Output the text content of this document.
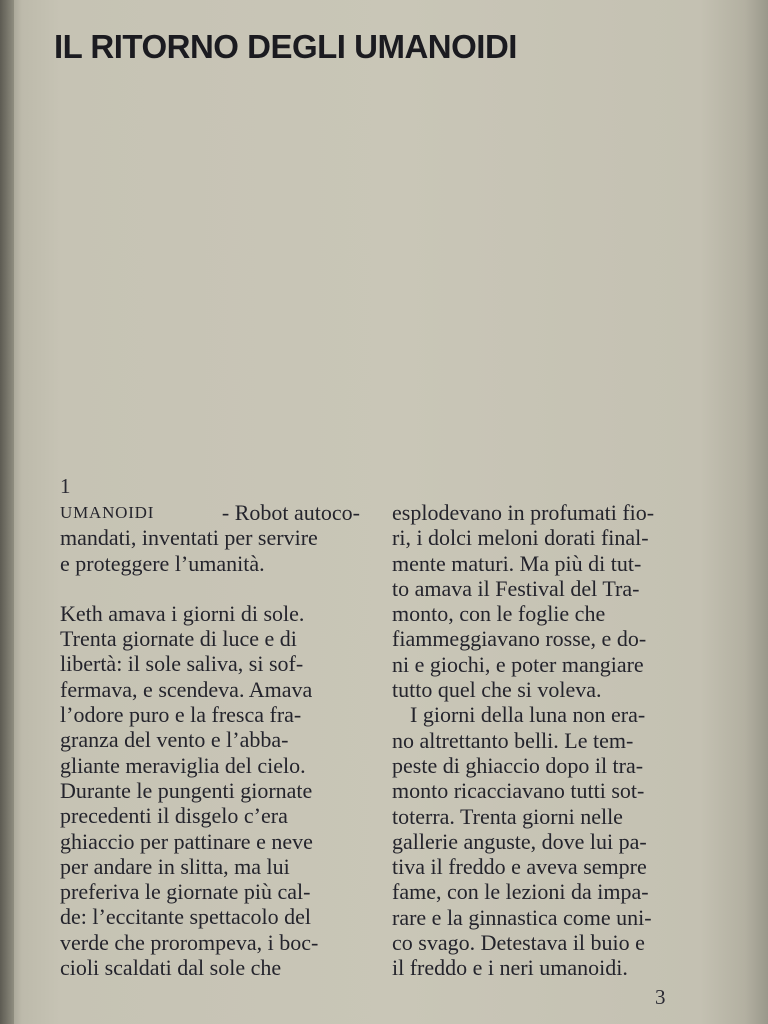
IL RITORNO DEGLI UMANOIDI
1
UMANOIDI	- Robot autoco-
mandati, inventati per servire
e proteggere l’umanità.
Keth amava i giorni di sole.
Trenta giornate di luce e di
libertà: il sole saliva, si sof-
fermava, e scendeva. Amava
l’odore puro e la fresca fra-
granza del vento e l’abba-
gliante meraviglia del cielo.
Durante le pungenti giornate
precedenti il disgelo c’era
ghiaccio per pattinare e neve
per andare in slitta, ma lui
preferiva le giornate più cal-
de: l’eccitante spettacolo del
verde che prorompeva, i boc-
cioli scaldati dal sole che
esplodevano in profumati fio-
ri, i dolci meloni dorati final-
mente maturi. Ma più di tut-
to amava il Festival del Tra-
monto, con le foglie che
fiammeggiavano rosse, e do-
ni e giochi, e poter mangiare
tutto quel che si voleva.
I giorni della luna non era-
no altrettanto belli. Le tem-
peste di ghiaccio dopo il tra-
monto ricacciavano tutti sot-
toterra. Trenta giorni nelle
gallerie anguste, dove lui pa-
tiva il freddo e aveva sempre
fame, con le lezioni da impa-
rare e la ginnastica come uni-
co svago. Detestava il buio e
il freddo e i neri umanoidi.
3
